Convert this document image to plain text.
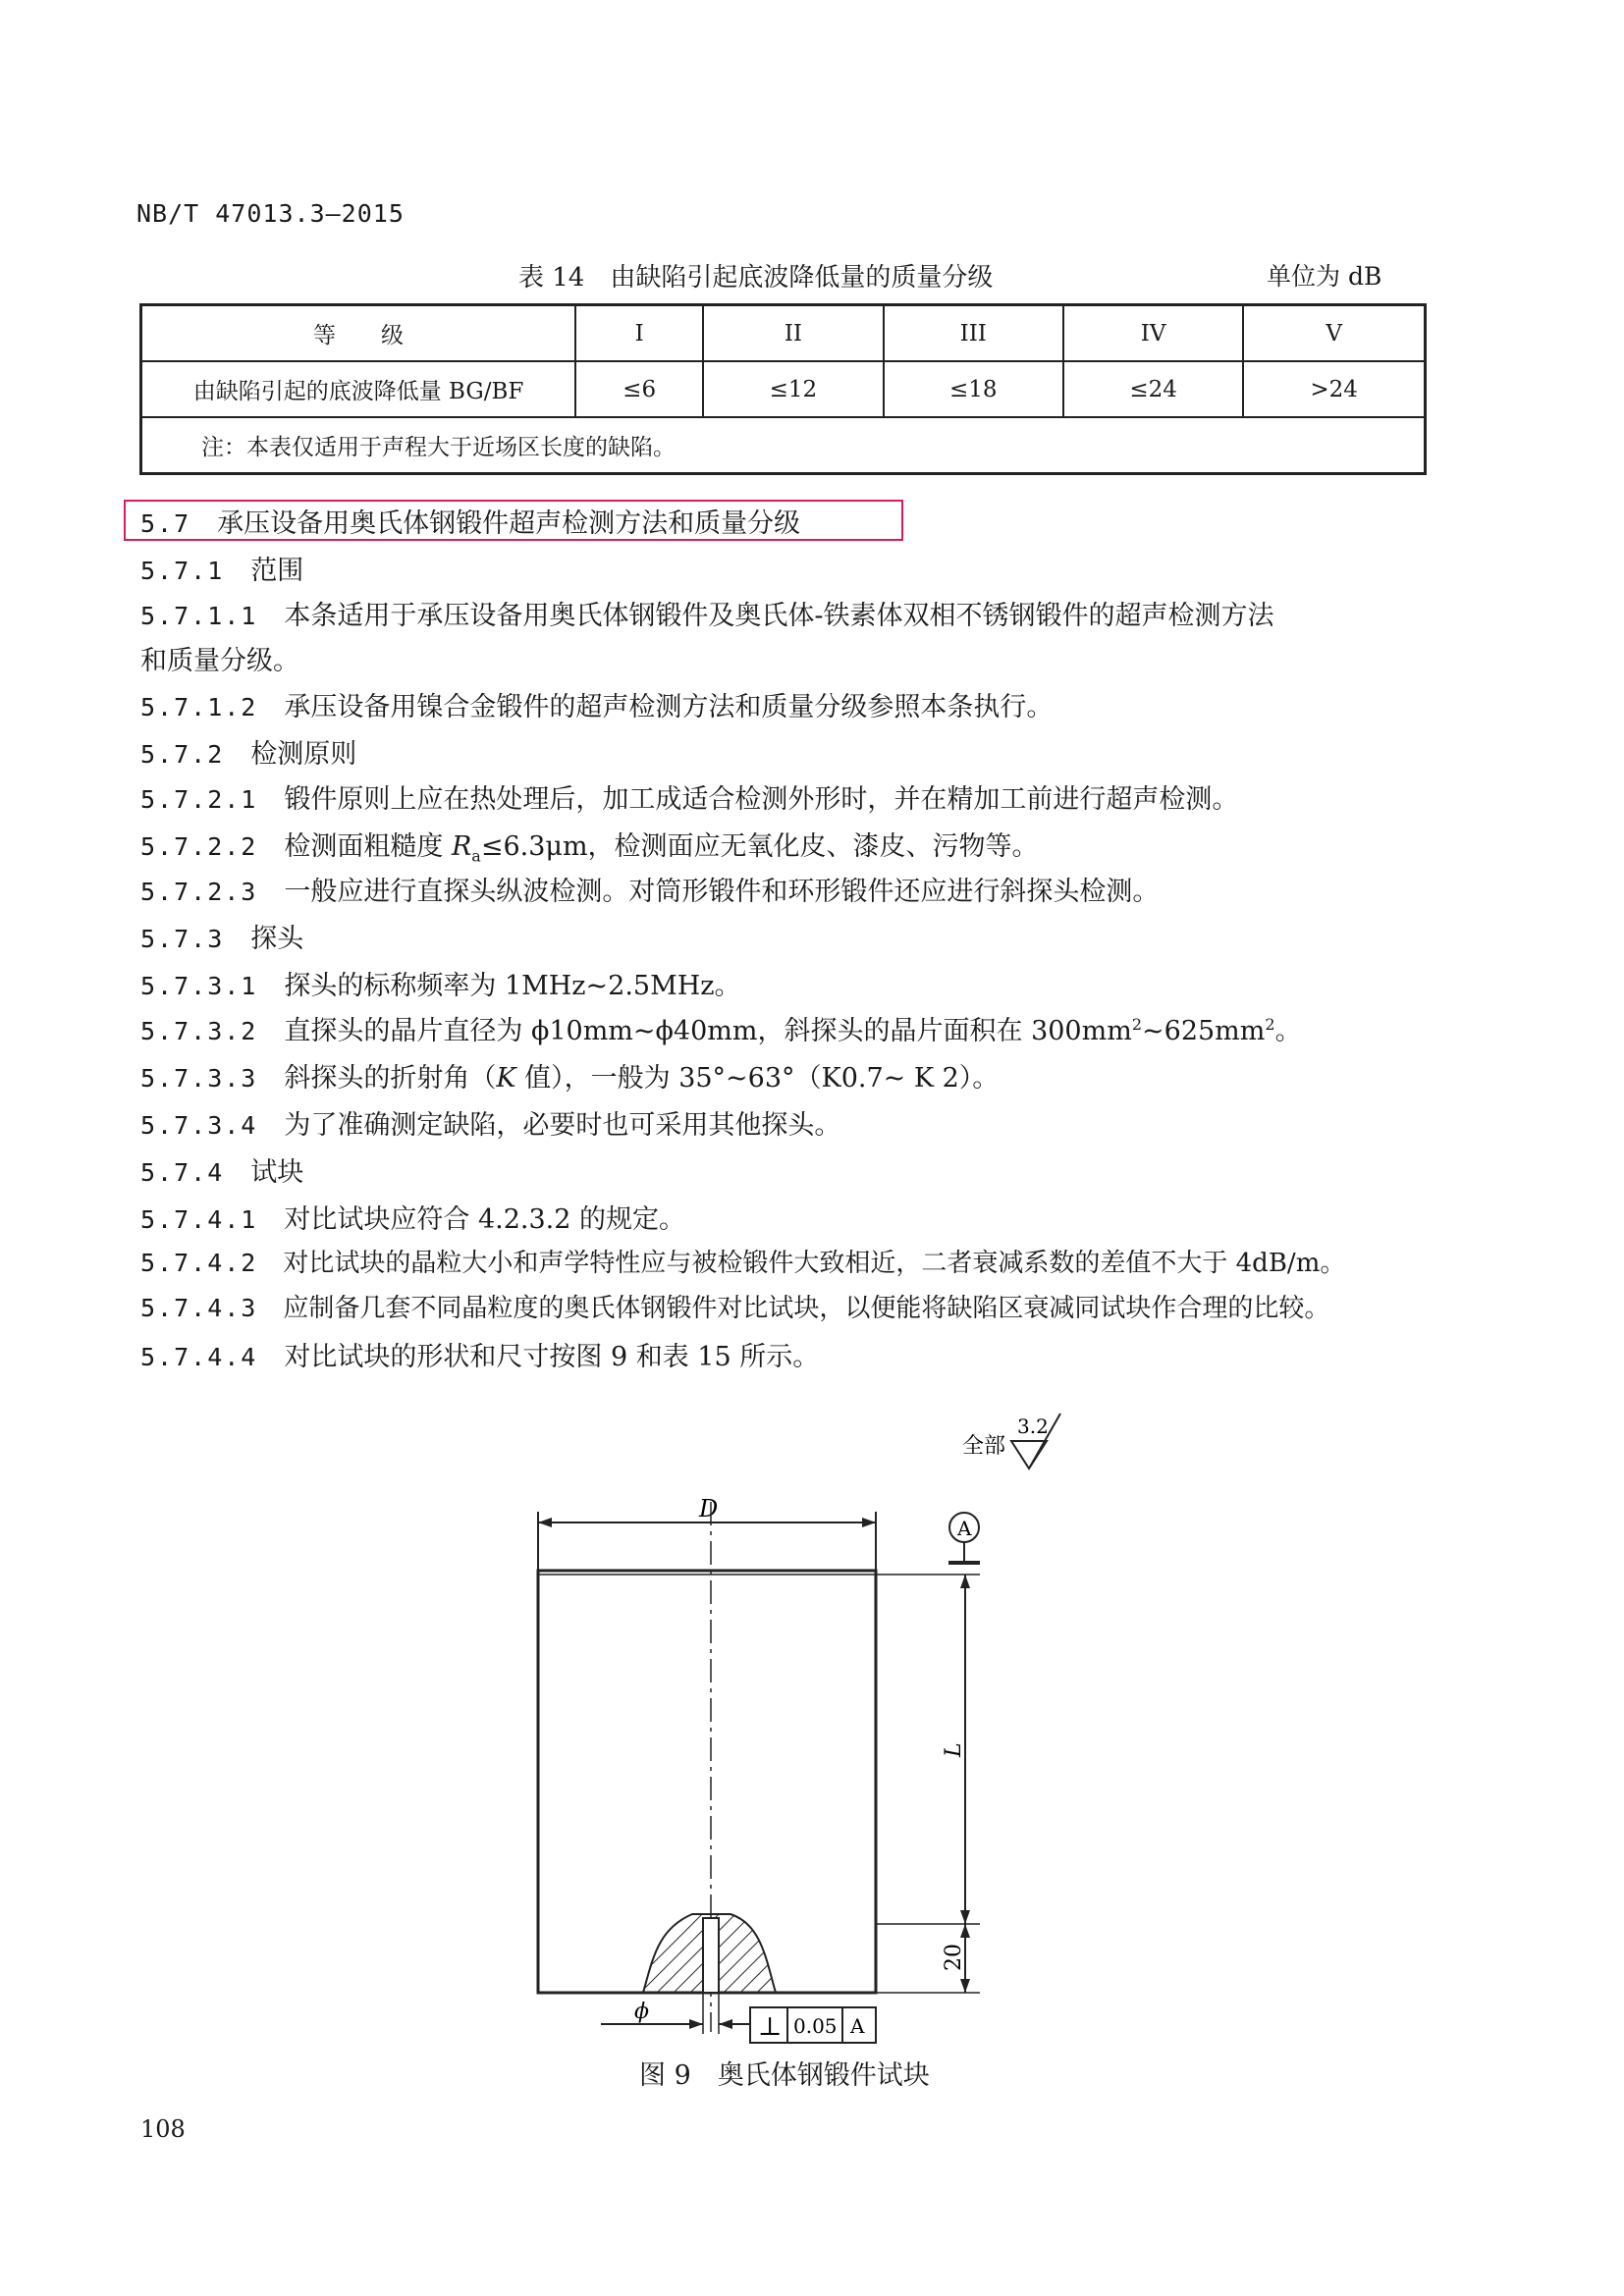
NB/T 47013.3—2015
表 14　由缺陷引起底波降低量的质量分级	单位为 dB
等　　级	I	II	III	IV	V
由缺陷引起的底波降低量 BG/BF	≤6	≤12	≤18	≤24	>24
注：本表仅适用于声程大于近场区长度的缺陷。					
5.7　 承压设备用奥氏体钢锻件超声检测方法和质量分级
5.7.1　 范围
5.7.1.1　 本条适用于承压设备用奥氏体钢锻件及奥氏体-铁素体双相不锈钢锻件的超声检测方法
和质量分级。
5.7.1.2　 承压设备用镍合金锻件的超声检测方法和质量分级参照本条执行。
5.7.2　 检测原则
5.7.2.1　 锻件原则上应在热处理后，加工成适合检测外形时，并在精加工前进行超声检测。
5.7.2.2　 检测面粗糙度 $R_a\le 6.3\mu m$，检测面应无氧化皮、漆皮、污物等。
5.7.2.3　 一般应进行直探头纵波检测。对筒形锻件和环形锻件还应进行斜探头检测。
5.7.3　 探头
5.7.3.1　 探头的标称频率为 1MHz~2.5MHz。
5.7.3.2　 直探头的晶片直径为 ϕ10mm~ϕ40mm，斜探头的晶片面积在 $300mm^2\sim 625mm^2$。
5.7.3.3　 斜探头的折射角（K 值），一般为 35°~63°（K0.7~ K 2）。
5.7.3.4　 为了准确测定缺陷，必要时也可采用其他探头。
5.7.4　 试块
5.7.4.1　 对比试块应符合 4.2.3.2 的规定。
5.7.4.2　 对比试块的晶粒大小和声学特性应与被检锻件大致相近，二者衰减系数的差值不大于 4dB/m。
5.7.4.3　 应制备几套不同晶粒度的奥氏体钢锻件对比试块，以便能将缺陷区衰减同试块作合理的比较。
5.7.4.4　 对比试块的形状和尺寸按图 9 和表 15 所示。
全部
3.2
D
A
L
20
ϕ
⊥ 0.05 A
图 9　奥氏体钢锻件试块
108
